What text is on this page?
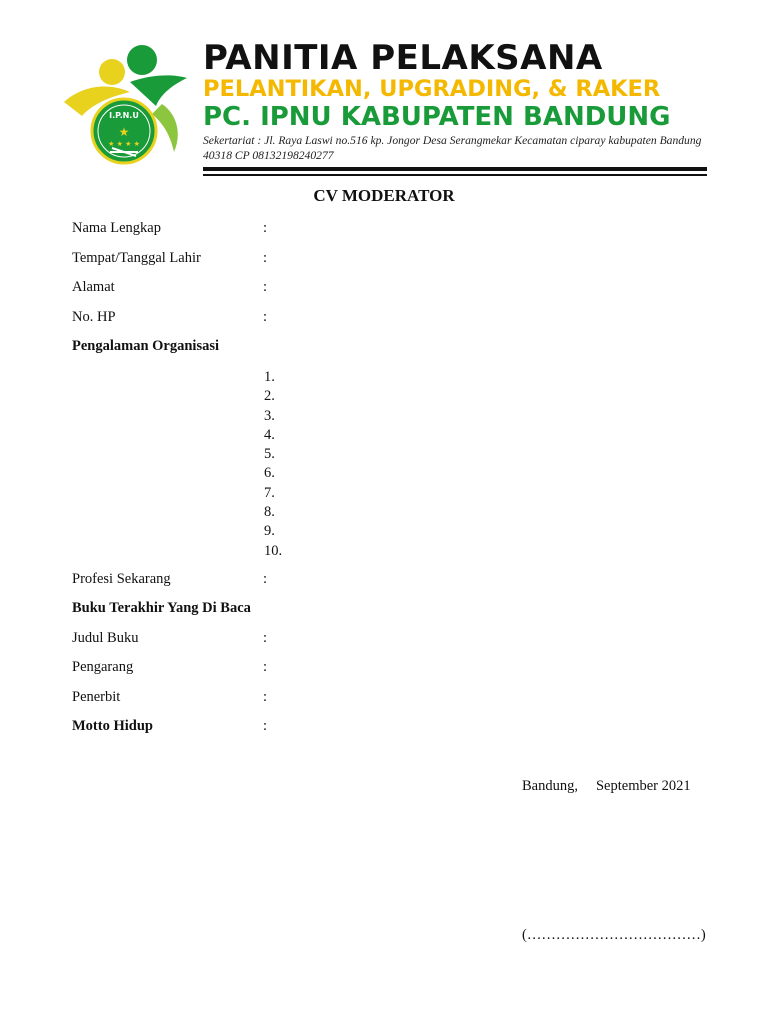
I.P.N.U
★
★ ★ ★ ★
PANITIA PELAKSANA
PELANTIKAN, UPGRADING, & RAKER
PC. IPNU KABUPATEN BANDUNG
Sekertariat : Jl. Raya Laswi no.516 kp. Jongor Desa Serangmekar Kecamatan ciparay kabupaten Bandung 40318 CP 08132198240277
CV MODERATOR
Nama Lengkap	:
Tempat/Tanggal Lahir	:
Alamat	:
No. HP	:
Pengalaman Organisasi
1.
2.
3.
4.
5.
6.
7.
8.
9.
10.
Profesi Sekarang	:
Buku Terakhir Yang Di Baca
Judul Buku	:
Pengarang	:
Penerbit	:
Motto Hidup	:
Bandung, September 2021
(………………………………)
